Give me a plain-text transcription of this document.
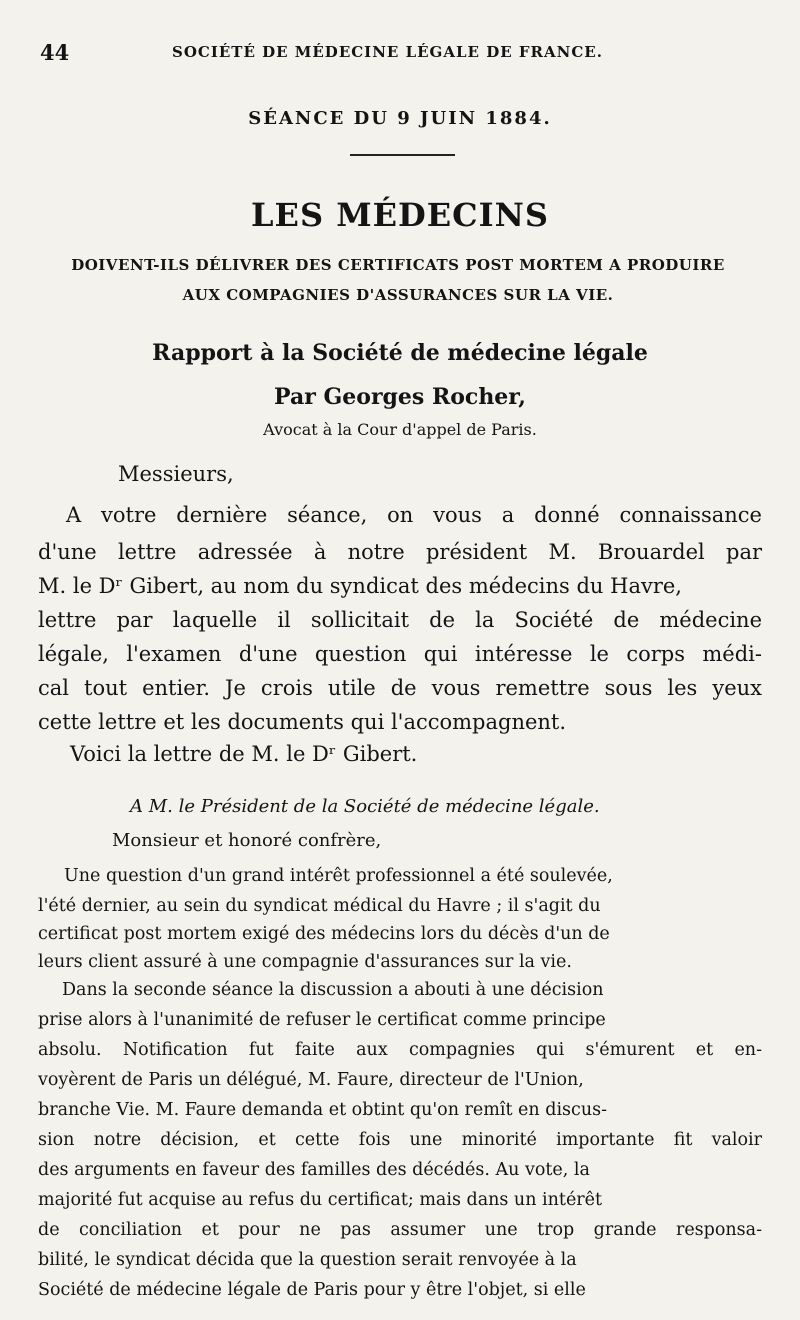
44	SOCIÉTÉ DE MÉDECINE LÉGALE DE FRANCE.
SÉANCE DU 9 JUIN 1884.
LES MÉDECINS
DOIVENT-ILS DÉLIVRER DES CERTIFICATS POST MORTEM A PRODUIRE
AUX COMPAGNIES D'ASSURANCES SUR LA VIE.
Rapport à la Société de médecine légale
Par Georges Rocher,
Avocat à la Cour d'appel de Paris.
Messieurs,
A votre dernière séance, on vous a donné connaissance
d'une lettre adressée à notre président M. Brouardel par
M. le Dʳ Gibert, au nom du syndicat des médecins du Havre,
lettre par laquelle il sollicitait de la Société de médecine
légale, l'examen d'une question qui intéresse le corps médi-
cal tout entier. Je crois utile de vous remettre sous les yeux
cette lettre et les documents qui l'accompagnent.
Voici la lettre de M. le Dʳ Gibert.
A M. le Président de la Société de médecine légale.
Monsieur et honoré confrère,
Une question d'un grand intérêt professionnel a été soulevée,
l'été dernier, au sein du syndicat médical du Havre ; il s'agit du
certificat post mortem exigé des médecins lors du décès d'un de
leurs client assuré à une compagnie d'assurances sur la vie.
Dans la seconde séance la discussion a abouti à une décision
prise alors à l'unanimité de refuser le certificat comme principe
absolu. Notification fut faite aux compagnies qui s'émurent et en-
voyèrent de Paris un délégué, M. Faure, directeur de l'Union,
branche Vie. M. Faure demanda et obtint qu'on remît en discus-
sion notre décision, et cette fois une minorité importante fit valoir
des arguments en faveur des familles des décédés. Au vote, la
majorité fut acquise au refus du certificat; mais dans un intérêt
de conciliation et pour ne pas assumer une trop grande responsa-
bilité, le syndicat décida que la question serait renvoyée à la
Société de médecine légale de Paris pour y être l'objet, si elle
